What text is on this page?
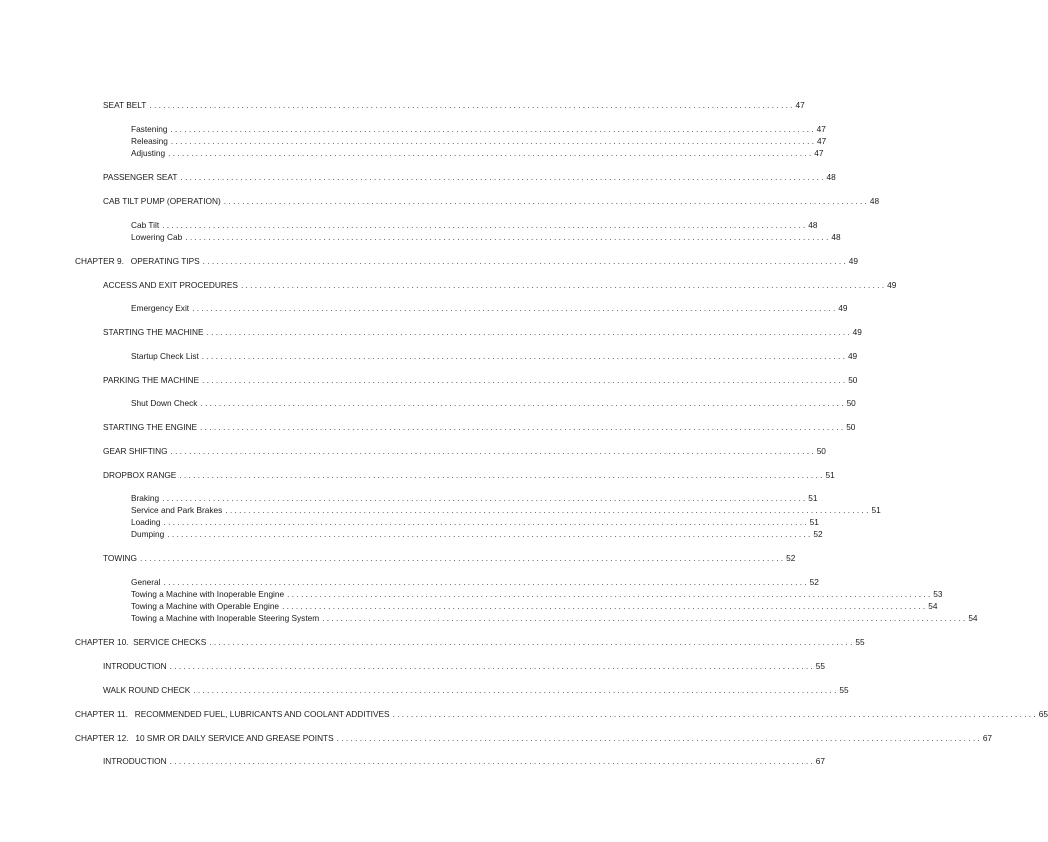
SEAT BELT . . . . . . . . . . . . . . . . . . . . . . . . . . . . . . . . . . . . . . . . . . . . . . . . . . . . . . . . . . . . . . . . . . . . . . . . . . . . . . . . . . . . . . . . . . . . . . . . . . . . . . . . . . . . . . . . . . . . . . . . . . . . . . . . . . . . . . . . . . . . 47
Fastening . . . . . . . . . . . . . . . . . . . . . . . . . . . . . . . . . . . . . . . . . . . . . . . . . . . . . . . . . . . . . . . . . . . . . . . . . . . . . . . . . . . . . . . . . . . . . . . . . . . . . . . . . . . . . . . . . . . . . . . . . . . . . . . . . . . . . . . . . . . . 47
Releasing . . . . . . . . . . . . . . . . . . . . . . . . . . . . . . . . . . . . . . . . . . . . . . . . . . . . . . . . . . . . . . . . . . . . . . . . . . . . . . . . . . . . . . . . . . . . . . . . . . . . . . . . . . . . . . . . . . . . . . . . . . . . . . . . . . . . . . . . . . . . 47
Adjusting . . . . . . . . . . . . . . . . . . . . . . . . . . . . . . . . . . . . . . . . . . . . . . . . . . . . . . . . . . . . . . . . . . . . . . . . . . . . . . . . . . . . . . . . . . . . . . . . . . . . . . . . . . . . . . . . . . . . . . . . . . . . . . . . . . . . . . . . . . . . 47
PASSENGER SEAT . . . . . . . . . . . . . . . . . . . . . . . . . . . . . . . . . . . . . . . . . . . . . . . . . . . . . . . . . . . . . . . . . . . . . . . . . . . . . . . . . . . . . . . . . . . . . . . . . . . . . . . . . . . . . . . . . . . . . . . . . . . . . . . . . . . . . . . . . . . . 48
CAB TILT PUMP (OPERATION) . . . . . . . . . . . . . . . . . . . . . . . . . . . . . . . . . . . . . . . . . . . . . . . . . . . . . . . . . . . . . . . . . . . . . . . . . . . . . . . . . . . . . . . . . . . . . . . . . . . . . . . . . . . . . . . . . . . . . . . . . . . . . . . . . . . . . . . . . . . . 48
Cab Tilt . . . . . . . . . . . . . . . . . . . . . . . . . . . . . . . . . . . . . . . . . . . . . . . . . . . . . . . . . . . . . . . . . . . . . . . . . . . . . . . . . . . . . . . . . . . . . . . . . . . . . . . . . . . . . . . . . . . . . . . . . . . . . . . . . . . . . . . . . . . . 48
Lowering Cab . . . . . . . . . . . . . . . . . . . . . . . . . . . . . . . . . . . . . . . . . . . . . . . . . . . . . . . . . . . . . . . . . . . . . . . . . . . . . . . . . . . . . . . . . . . . . . . . . . . . . . . . . . . . . . . . . . . . . . . . . . . . . . . . . . . . . . . . . . . . 48
CHAPTER 9.   OPERATING TIPS . . . . . . . . . . . . . . . . . . . . . . . . . . . . . . . . . . . . . . . . . . . . . . . . . . . . . . . . . . . . . . . . . . . . . . . . . . . . . . . . . . . . . . . . . . . . . . . . . . . . . . . . . . . . . . . . . . . . . . . . . . . . . . . . . . . . . . . . . . . . 49
ACCESS AND EXIT PROCEDURES . . . . . . . . . . . . . . . . . . . . . . . . . . . . . . . . . . . . . . . . . . . . . . . . . . . . . . . . . . . . . . . . . . . . . . . . . . . . . . . . . . . . . . . . . . . . . . . . . . . . . . . . . . . . . . . . . . . . . . . . . . . . . . . . . . . . . . . . . . . . 49
Emergency Exit . . . . . . . . . . . . . . . . . . . . . . . . . . . . . . . . . . . . . . . . . . . . . . . . . . . . . . . . . . . . . . . . . . . . . . . . . . . . . . . . . . . . . . . . . . . . . . . . . . . . . . . . . . . . . . . . . . . . . . . . . . . . . . . . . . . . . . . . . . . . 49
STARTING THE MACHINE . . . . . . . . . . . . . . . . . . . . . . . . . . . . . . . . . . . . . . . . . . . . . . . . . . . . . . . . . . . . . . . . . . . . . . . . . . . . . . . . . . . . . . . . . . . . . . . . . . . . . . . . . . . . . . . . . . . . . . . . . . . . . . . . . . . . . . . . . . . . 49
Startup Check List . . . . . . . . . . . . . . . . . . . . . . . . . . . . . . . . . . . . . . . . . . . . . . . . . . . . . . . . . . . . . . . . . . . . . . . . . . . . . . . . . . . . . . . . . . . . . . . . . . . . . . . . . . . . . . . . . . . . . . . . . . . . . . . . . . . . . . . . . . . . 49
PARKING THE MACHINE . . . . . . . . . . . . . . . . . . . . . . . . . . . . . . . . . . . . . . . . . . . . . . . . . . . . . . . . . . . . . . . . . . . . . . . . . . . . . . . . . . . . . . . . . . . . . . . . . . . . . . . . . . . . . . . . . . . . . . . . . . . . . . . . . . . . . . . . . . . . 50
Shut Down Check . . . . . . . . . . . . . . . . . . . . . . . . . . . . . . . . . . . . . . . . . . . . . . . . . . . . . . . . . . . . . . . . . . . . . . . . . . . . . . . . . . . . . . . . . . . . . . . . . . . . . . . . . . . . . . . . . . . . . . . . . . . . . . . . . . . . . . . . . . . . 50
STARTING THE ENGINE . . . . . . . . . . . . . . . . . . . . . . . . . . . . . . . . . . . . . . . . . . . . . . . . . . . . . . . . . . . . . . . . . . . . . . . . . . . . . . . . . . . . . . . . . . . . . . . . . . . . . . . . . . . . . . . . . . . . . . . . . . . . . . . . . . . . . . . . . . . . 50
GEAR SHIFTING . . . . . . . . . . . . . . . . . . . . . . . . . . . . . . . . . . . . . . . . . . . . . . . . . . . . . . . . . . . . . . . . . . . . . . . . . . . . . . . . . . . . . . . . . . . . . . . . . . . . . . . . . . . . . . . . . . . . . . . . . . . . . . . . . . . . . . . . . . . . 50
DROPBOX RANGE . . . . . . . . . . . . . . . . . . . . . . . . . . . . . . . . . . . . . . . . . . . . . . . . . . . . . . . . . . . . . . . . . . . . . . . . . . . . . . . . . . . . . . . . . . . . . . . . . . . . . . . . . . . . . . . . . . . . . . . . . . . . . . . . . . . . . . . . . . . . 51
Braking . . . . . . . . . . . . . . . . . . . . . . . . . . . . . . . . . . . . . . . . . . . . . . . . . . . . . . . . . . . . . . . . . . . . . . . . . . . . . . . . . . . . . . . . . . . . . . . . . . . . . . . . . . . . . . . . . . . . . . . . . . . . . . . . . . . . . . . . . . . . 51
Service and Park Brakes . . . . . . . . . . . . . . . . . . . . . . . . . . . . . . . . . . . . . . . . . . . . . . . . . . . . . . . . . . . . . . . . . . . . . . . . . . . . . . . . . . . . . . . . . . . . . . . . . . . . . . . . . . . . . . . . . . . . . . . . . . . . . . . . . . . . . . . . . . . . 51
Loading . . . . . . . . . . . . . . . . . . . . . . . . . . . . . . . . . . . . . . . . . . . . . . . . . . . . . . . . . . . . . . . . . . . . . . . . . . . . . . . . . . . . . . . . . . . . . . . . . . . . . . . . . . . . . . . . . . . . . . . . . . . . . . . . . . . . . . . . . . . . 51
Dumping . . . . . . . . . . . . . . . . . . . . . . . . . . . . . . . . . . . . . . . . . . . . . . . . . . . . . . . . . . . . . . . . . . . . . . . . . . . . . . . . . . . . . . . . . . . . . . . . . . . . . . . . . . . . . . . . . . . . . . . . . . . . . . . . . . . . . . . . . . . . 52
TOWING . . . . . . . . . . . . . . . . . . . . . . . . . . . . . . . . . . . . . . . . . . . . . . . . . . . . . . . . . . . . . . . . . . . . . . . . . . . . . . . . . . . . . . . . . . . . . . . . . . . . . . . . . . . . . . . . . . . . . . . . . . . . . . . . . . . . . . . . . . . . 52
General . . . . . . . . . . . . . . . . . . . . . . . . . . . . . . . . . . . . . . . . . . . . . . . . . . . . . . . . . . . . . . . . . . . . . . . . . . . . . . . . . . . . . . . . . . . . . . . . . . . . . . . . . . . . . . . . . . . . . . . . . . . . . . . . . . . . . . . . . . . . 52
Towing a Machine with Inoperable Engine . . . . . . . . . . . . . . . . . . . . . . . . . . . . . . . . . . . . . . . . . . . . . . . . . . . . . . . . . . . . . . . . . . . . . . . . . . . . . . . . . . . . . . . . . . . . . . . . . . . . . . . . . . . . . . . . . . . . . . . . . . . . . . . . . . . . . . . . . . . . 53
Towing a Machine with Operable Engine . . . . . . . . . . . . . . . . . . . . . . . . . . . . . . . . . . . . . . . . . . . . . . . . . . . . . . . . . . . . . . . . . . . . . . . . . . . . . . . . . . . . . . . . . . . . . . . . . . . . . . . . . . . . . . . . . . . . . . . . . . . . . . . . . . . . . . . . . . . . 54
Towing a Machine with Inoperable Steering System . . . . . . . . . . . . . . . . . . . . . . . . . . . . . . . . . . . . . . . . . . . . . . . . . . . . . . . . . . . . . . . . . . . . . . . . . . . . . . . . . . . . . . . . . . . . . . . . . . . . . . . . . . . . . . . . . . . . . . . . . . . . . . . . . . . . . . . . . . . . 54
CHAPTER 10.  SERVICE CHECKS . . . . . . . . . . . . . . . . . . . . . . . . . . . . . . . . . . . . . . . . . . . . . . . . . . . . . . . . . . . . . . . . . . . . . . . . . . . . . . . . . . . . . . . . . . . . . . . . . . . . . . . . . . . . . . . . . . . . . . . . . . . . . . . . . . . . . . . . . . . . 55
INTRODUCTION . . . . . . . . . . . . . . . . . . . . . . . . . . . . . . . . . . . . . . . . . . . . . . . . . . . . . . . . . . . . . . . . . . . . . . . . . . . . . . . . . . . . . . . . . . . . . . . . . . . . . . . . . . . . . . . . . . . . . . . . . . . . . . . . . . . . . . . . . . . . 55
WALK ROUND CHECK . . . . . . . . . . . . . . . . . . . . . . . . . . . . . . . . . . . . . . . . . . . . . . . . . . . . . . . . . . . . . . . . . . . . . . . . . . . . . . . . . . . . . . . . . . . . . . . . . . . . . . . . . . . . . . . . . . . . . . . . . . . . . . . . . . . . . . . . . . . . 55
CHAPTER 11.   RECOMMENDED FUEL, LUBRICANTS AND COOLANT ADDITIVES . . . . . . . . . . . . . . . . . . . . . . . . . . . . . . . . . . . . . . . . . . . . . . . . . . . . . . . . . . . . . . . . . . . . . . . . . . . . . . . . . . . . . . . . . . . . . . . . . . . . . . . . . . . . . . . . . . . . . . . . . . . . . . . . . . . . . . . . . . . . 65
CHAPTER 12.   10 SMR OR DAILY SERVICE AND GREASE POINTS . . . . . . . . . . . . . . . . . . . . . . . . . . . . . . . . . . . . . . . . . . . . . . . . . . . . . . . . . . . . . . . . . . . . . . . . . . . . . . . . . . . . . . . . . . . . . . . . . . . . . . . . . . . . . . . . . . . . . . . . . . . . . . . . . . . . . . . . . . . . 67
INTRODUCTION . . . . . . . . . . . . . . . . . . . . . . . . . . . . . . . . . . . . . . . . . . . . . . . . . . . . . . . . . . . . . . . . . . . . . . . . . . . . . . . . . . . . . . . . . . . . . . . . . . . . . . . . . . . . . . . . . . . . . . . . . . . . . . . . . . . . . . . . . . . . 67
